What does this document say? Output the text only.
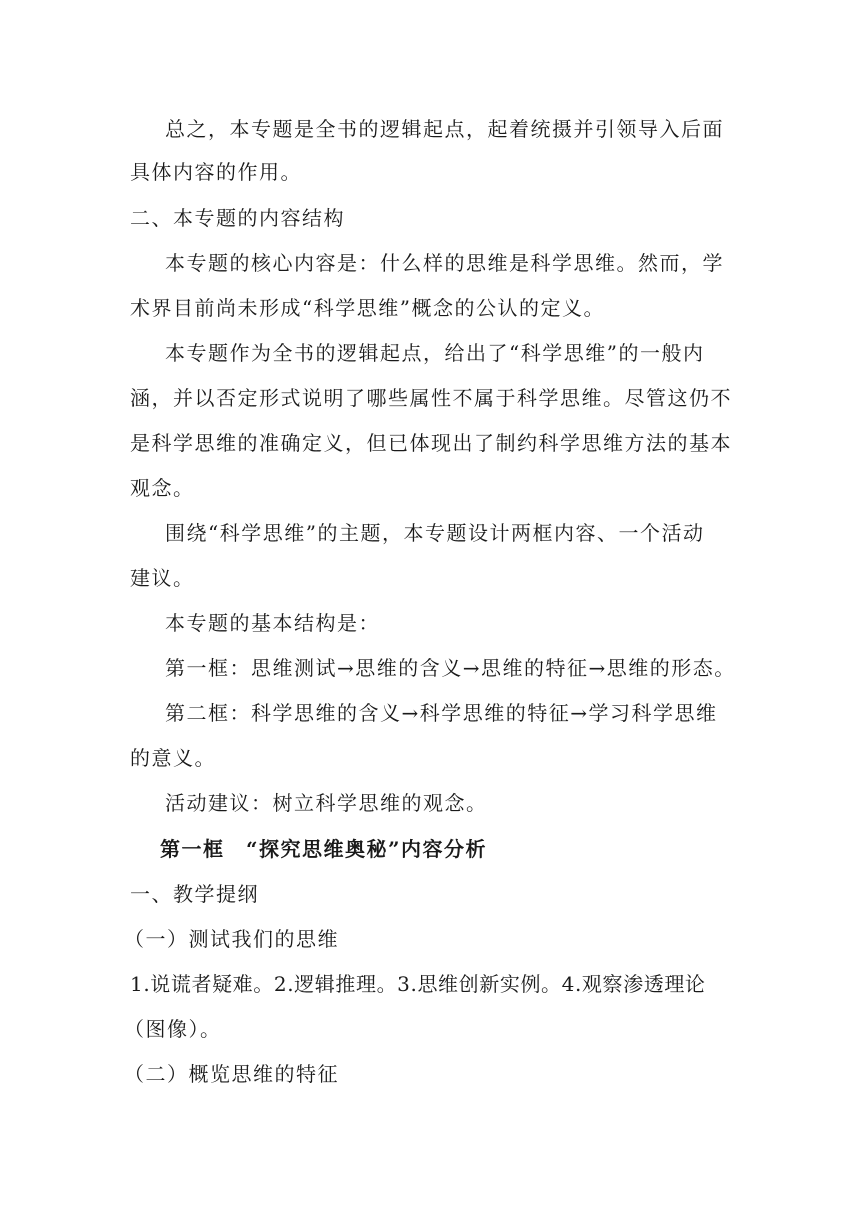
总之，本专题是全书的逻辑起点，起着统摄并引领导入后面
具体内容的作用。
二、本专题的内容结构
本专题的核心内容是：什么样的思维是科学思维。然而，学
术界目前尚未形成“科学思维”概念的公认的定义。
本专题作为全书的逻辑起点，给出了“科学思维”的一般内
涵，并以否定形式说明了哪些属性不属于科学思维。尽管这仍不
是科学思维的准确定义，但已体现出了制约科学思维方法的基本
观念。
围绕“科学思维”的主题，本专题设计两框内容、一个活动
建议。
本专题的基本结构是：
第一框：思维测试→思维的含义→思维的特征→思维的形态。
第二框：科学思维的含义→科学思维的特征→学习科学思维
的意义。
活动建议：树立科学思维的观念。
第一框　“探究思维奥秘”内容分析
一、教学提纲
（一）测试我们的思维
1.说谎者疑难。2.逻辑推理。3.思维创新实例。4.观察渗透理论
（图像）。
（二）概览思维的特征
